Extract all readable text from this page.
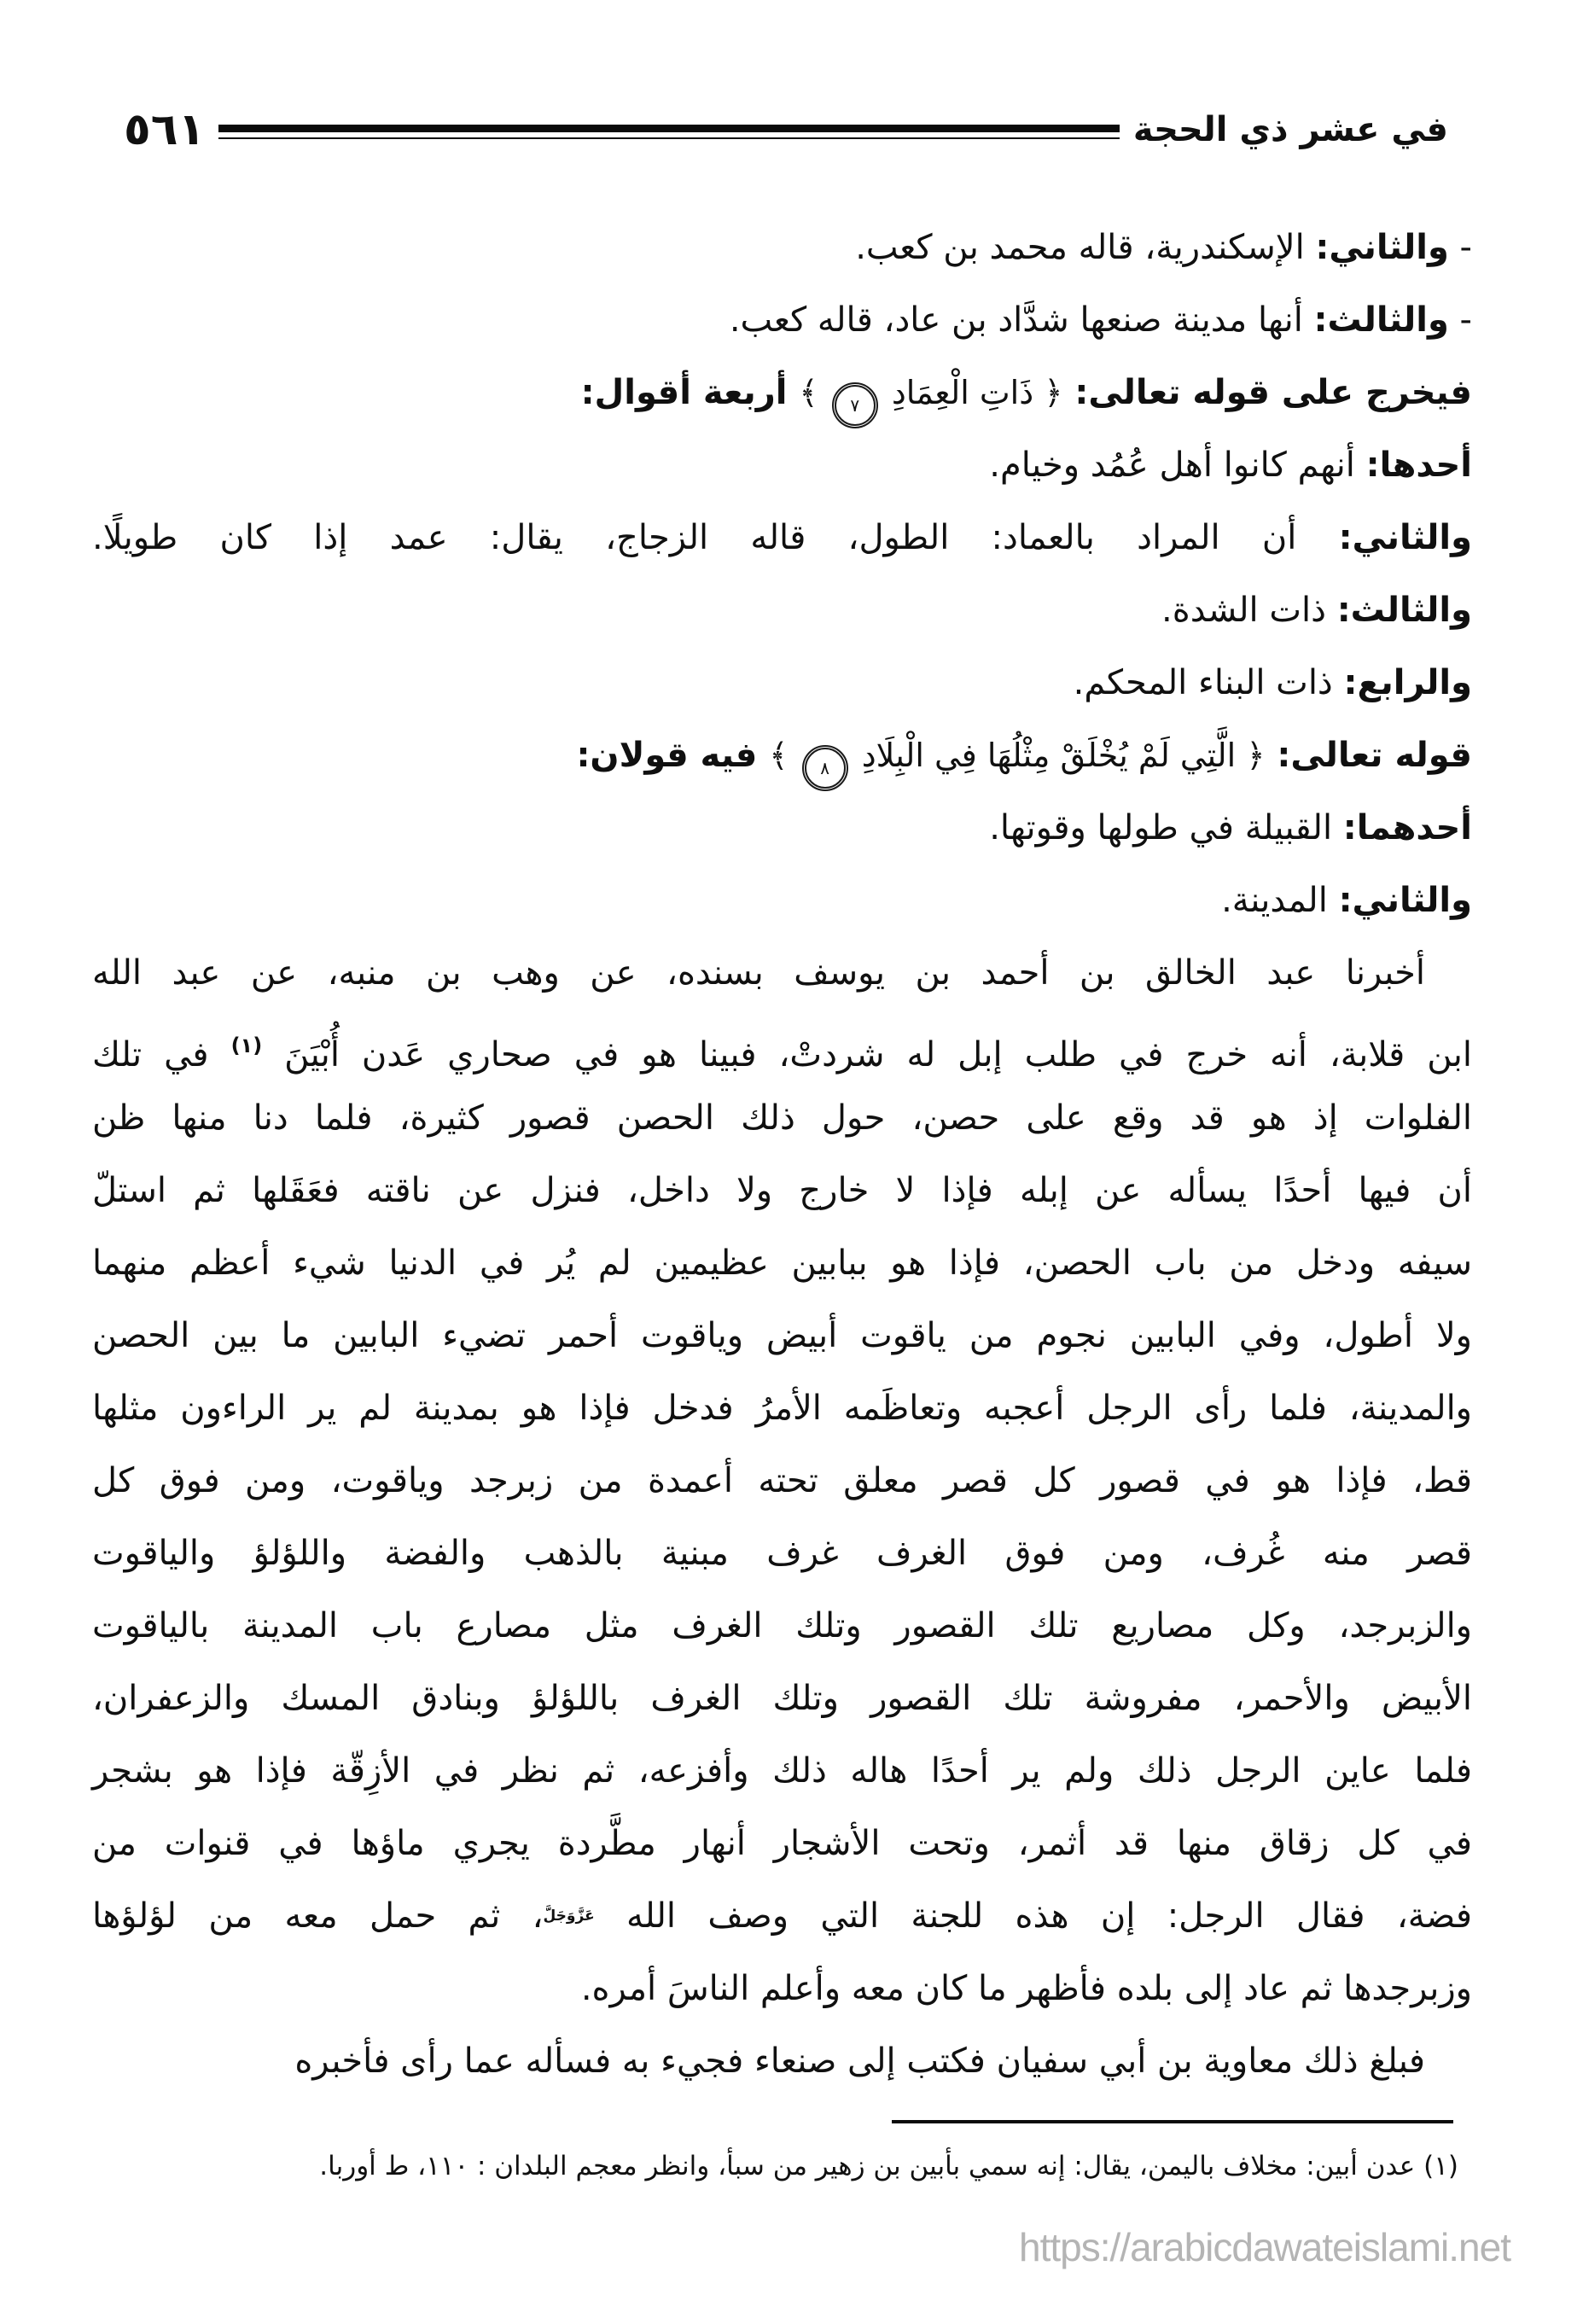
٥٦١	في عشر ذي الحجة
- والثاني: الإسكندرية، قاله محمد بن كعب.
- والثالث: أنها مدينة صنعها شدَّاد بن عاد، قاله كعب.
فيخرج على قوله تعالى: ﴿ ذَاتِ الْعِمَادِ ٧ ﴾ أربعة أقوال:
أحدها: أنهم كانوا أهل عُمُد وخيام.
والثاني: أن المراد بالعماد: الطول، قاله الزجاج، يقال: عمد إذا كان طويلًا.
والثالث: ذات الشدة.
والرابع: ذات البناء المحكم.
قوله تعالى: ﴿ الَّتِي لَمْ يُخْلَقْ مِثْلُهَا فِي الْبِلَادِ ٨ ﴾ فيه قولان:
أحدهما: القبيلة في طولها وقوتها.
والثاني: المدينة.
أخبرنا عبد الخالق بن أحمد بن يوسف بسنده، عن وهب بن منبه، عن عبد الله
ابن قلابة، أنه خرج في طلب إبل له شردتْ، فبينا هو في صحاري عَدن أُبْيَنَ $^{(١)}$ في تلك
الفلوات إذ هو قد وقع على حصن، حول ذلك الحصن قصور كثيرة، فلما دنا منها ظن
أن فيها أحدًا يسأله عن إبله فإذا لا خارج ولا داخل، فنزل عن ناقته فعَقَلها ثم استلّ
سيفه ودخل من باب الحصن، فإذا هو ببابين عظيمين لم يُر في الدنيا شيء أعظم منهما
ولا أطول، وفي البابين نجوم من ياقوت أبيض وياقوت أحمر تضيء البابين ما بين الحصن
والمدينة، فلما رأى الرجل أعجبه وتعاظَمه الأمرُ فدخل فإذا هو بمدينة لم ير الراءون مثلها
قط، فإذا هو في قصور كل قصر معلق تحته أعمدة من زبرجد وياقوت، ومن فوق كل
قصر منه غُرف، ومن فوق الغرف غرف مبنية بالذهب والفضة واللؤلؤ والياقوت
والزبرجد، وكل مصاريع تلك القصور وتلك الغرف مثل مصارع باب المدينة بالياقوت
الأبيض والأحمر، مفروشة تلك القصور وتلك الغرف باللؤلؤ وبنادق المسك والزعفران،
فلما عاين الرجل ذلك ولم ير أحدًا هاله ذلك وأفزعه، ثم نظر في الأزِقّة فإذا هو بشجر
في كل زقاق منها قد أثمر، وتحت الأشجار أنهار مطَّردة يجري ماؤها في قنوات من
فضة، فقال الرجل: إن هذه للجنة التي وصف الله $^{عَزَّوَجَلَّ}$، ثم حمل معه من لؤلؤها
وزبرجدها ثم عاد إلى بلده فأظهر ما كان معه وأعلم الناسَ أمره.
فبلغ ذلك معاوية بن أبي سفيان فكتب إلى صنعاء فجيء به فسأله عما رأى فأخبره
(١) عدن أبين: مخلاف باليمن، يقال: إنه سمي بأبين بن زهير من سبأ، وانظر معجم البلدان : ١١٠، ط أوربا.
https://arabicdawateislami.net
